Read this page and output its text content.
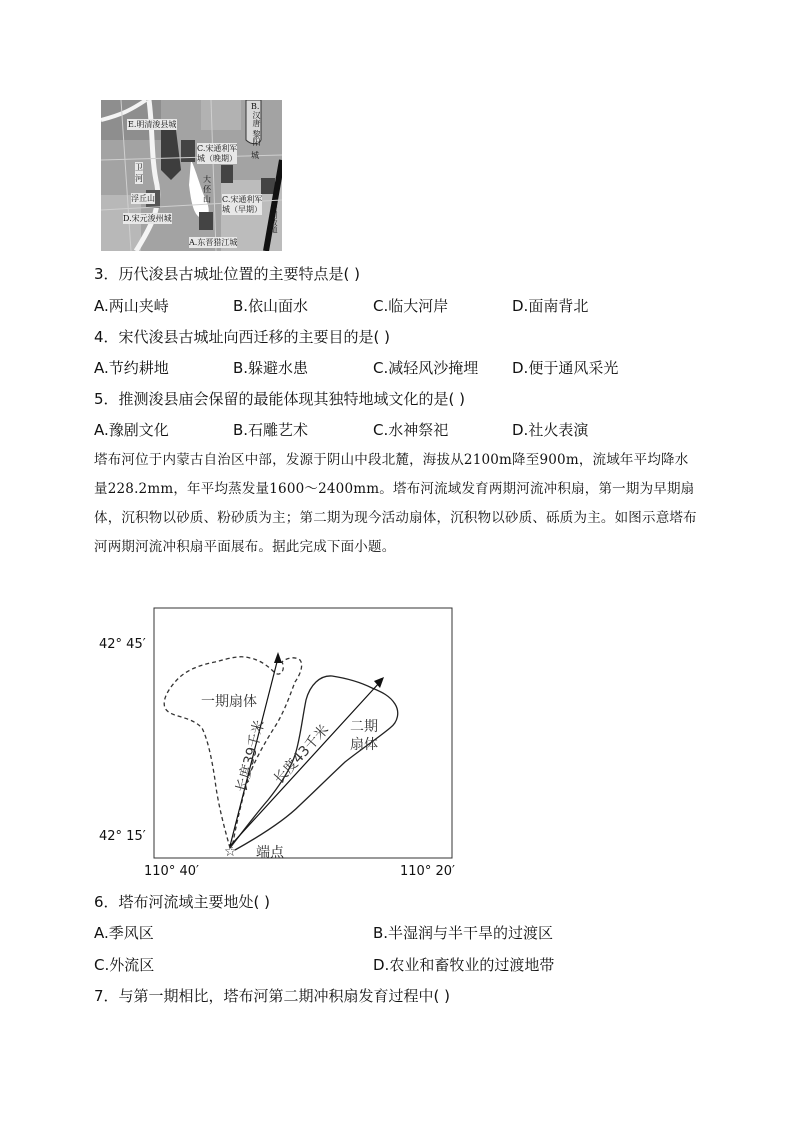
E.明清浚县城
B.
汉唐
黎阳
城
C.宋通利军
城（晚期）
卫
河	大
伾
山
浮丘山	C.宋通利军
城（早期）
D.宋元浚州城
A.东晋猎江城
黄河故道
3．历代浚县古城址位置的主要特点是( )
A.两山夹峙	B.依山面水	C.临大河岸	D.面南背北
4．宋代浚县古城址向西迁移的主要目的是( )
A.节约耕地	B.躲避水患	C.减轻风沙掩埋 D.便于通风采光
5．推测浚县庙会保留的最能体现其独特地域文化的是( )
A.豫剧文化	B.石雕艺术	C.水神祭祀	D.社火表演
塔布河位于内蒙古自治区中部，发源于阴山中段北麓，海拔从2100m降至900m，流域年平均降水量228.2mm，年平均蒸发量1600～2400mm。塔布河流域发育两期河流冲积扇，第一期为早期扇体，沉积物以砂质、粉砂质为主；第二期为现今活动扇体，沉积物以砂质、砾质为主。如图示意塔布河两期河流冲积扇平面展布。据此完成下面小题。
☆
42° 45′
42° 15′
110° 40′	110° 20′
一期扇体
二期
扇体
长度39千米 长度43千米
端点
6．塔布河流域主要地处( )
A.季风区	B.半湿润与半干旱的过渡区
C.外流区	D.农业和畜牧业的过渡地带
7．与第一期相比，塔布河第二期冲积扇发育过程中( )
